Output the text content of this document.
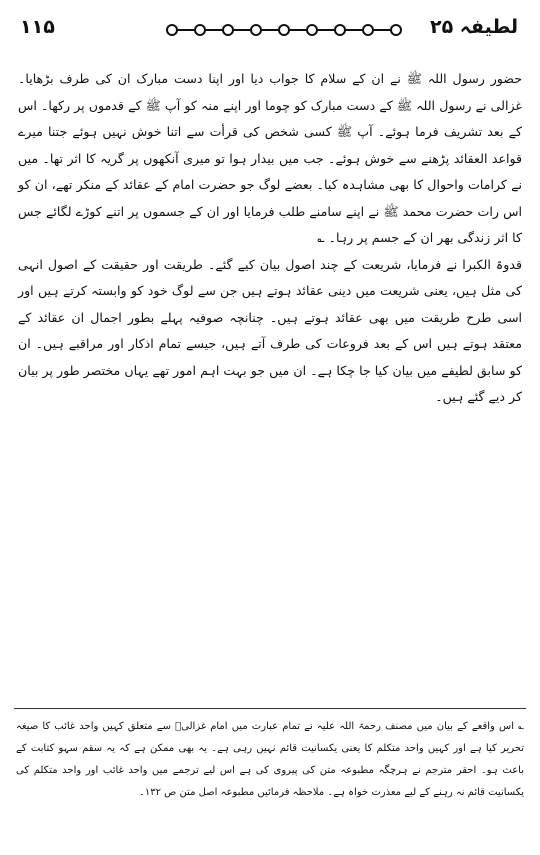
۱۱۵	لطیفہ ۲۵

حضور رسول اللہ ﷺ نے ان کے سلام کا جواب دیا اور اپنا دست مبارک ان کی طرف بڑھایا۔ غزالی نے رسول اللہ ﷺ کے دست مبارک کو چوما اور اپنے منہ کو آپ ﷺ کے قدموں پر رکھا۔ اس کے بعد تشریف فرما ہوئے۔ آپ ﷺ کسی شخص کی قرأت سے اتنا خوش نہیں ہوئے جتنا میرے قواعد العقائد پڑھنے سے خوش ہوئے۔ جب میں بیدار ہوا تو میری آنکھوں پر گریہ کا اثر تھا۔ میں نے کرامات واحوال کا بھی مشاہدہ کیا۔ بعضے لوگ جو حضرت امام کے عقائد کے منکر تھے، ان کو اس رات حضرت محمد ﷺ نے اپنے سامنے طلب فرمایا اور ان کے جسموں پر اتنے کوڑے لگائے جس کا اثر زندگی بھر ان کے جسم پر رہا۔ ؎

قدوۃ الکبرا نے فرمایا، شریعت کے چند اصول بیان کیے گئے۔ طریقت اور حقیقت کے اصول انہی کی مثل ہیں، یعنی شریعت میں دینی عقائد ہوتے ہیں جن سے لوگ خود کو وابستہ کرتے ہیں اور اسی طرح طریقت میں بھی عقائد ہوتے ہیں۔ چنانچہ صوفیہ پہلے بطور اجمال ان عقائد کے معتقد ہوتے ہیں اس کے بعد فروعات کی طرف آتے ہیں، جیسے تمام اذکار اور مراقبے ہیں۔ ان کو سابق لطیفے میں بیان کیا جا چکا ہے۔ ان میں جو بہت اہم امور تھے یہاں مختصر طور پر بیان کر دیے گئے ہیں۔

؎ اس واقعے کے بیان میں مصنف رحمۃ اللہ علیہ نے تمام عبارت میں امام غزالیؒ سے متعلق کہیں واحد غائب کا صیغہ تحریر کیا ہے اور کہیں واحد متکلم کا یعنی یکسانیت قائم نہیں رہی ہے۔ یہ بھی ممکن ہے کہ یہ سقم سہو کتابت کے باعث ہو۔ احقر مترجم نے ہرچگہ مطبوعہ متن کی پیروی کی ہے اس لیے ترجمے میں واحد غائب اور واحد متکلم کی یکسانیت قائم نہ رہنے کے لیے معذرت خواہ ہے۔ ملاحظہ فرمائیں مطبوعہ اصل متن ص ۱۳۲۔
